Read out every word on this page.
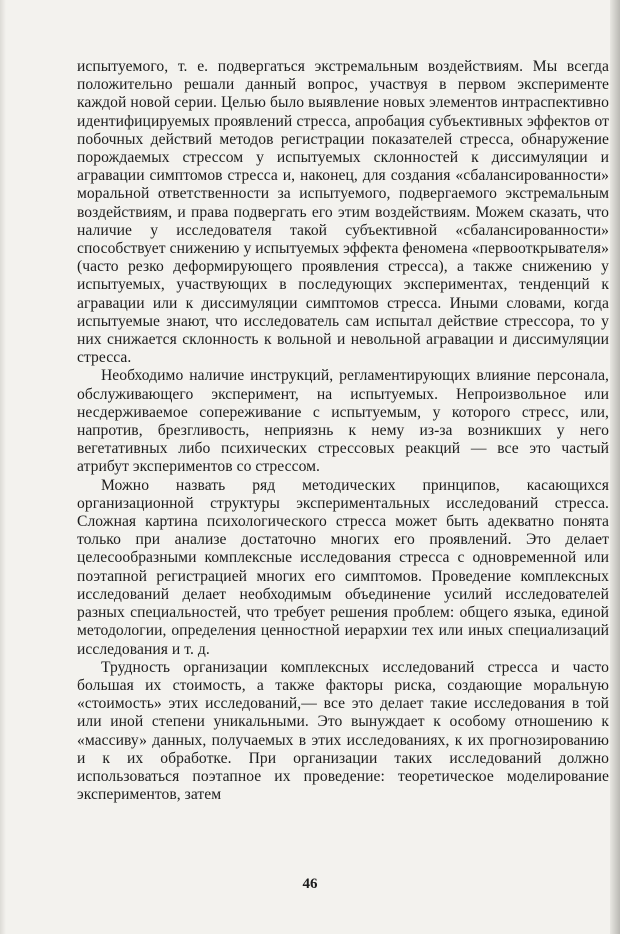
испытуемого, т. е. подвергаться экстремальным воздействиям. Мы всегда положительно решали данный вопрос, участвуя в первом эксперименте каждой новой серии. Целью было выявление новых элементов интраспективно идентифицируемых проявлений стресса, апробация субъективных эффектов от побочных действий методов регистрации показателей стресса, обнаружение порождаемых стрессом у испытуемых склонностей к диссимуляции и агравации симптомов стресса и, наконец, для создания «сбалансированности» моральной ответственности за испытуемого, подвергаемого экстремальным воздействиям, и права подвергать его этим воздействиям. Можем сказать, что наличие у исследователя такой субъективной «сбалансированности» способствует снижению у испытуемых эффекта феномена «первооткрывателя» (часто резко деформирующего проявления стресса), а также снижению у испытуемых, участвующих в последующих экспериментах, тенденций к агравации или к диссимуляции симптомов стресса. Иными словами, когда испытуемые знают, что исследователь сам испытал действие стрессора, то у них снижается склонность к вольной и невольной агравации и диссимуляции стресса.

Необходимо наличие инструкций, регламентирующих влияние персонала, обслуживающего эксперимент, на испытуемых. Непроизвольное или несдерживаемое сопереживание с испытуемым, у которого стресс, или, напротив, брезгливость, неприязнь к нему из-за возникших у него вегетативных либо психических стрессовых реакций — все это частый атрибут экспериментов со стрессом.

Можно назвать ряд методических принципов, касающихся организационной структуры экспериментальных исследований стресса. Сложная картина психологического стресса может быть адекватно понята только при анализе достаточно многих его проявлений. Это делает целесообразными комплексные исследования стресса с одновременной или поэтапной регистрацией многих его симптомов. Проведение комплексных исследований делает необходимым объединение усилий исследователей разных специальностей, что требует решения проблем: общего языка, единой методологии, определения ценностной иерархии тех или иных специализаций исследования и т. д.

Трудность организации комплексных исследований стресса и часто большая их стоимость, а также факторы риска, создающие моральную «стоимость» этих исследований,— все это делает такие исследования в той или иной степени уникальными. Это вынуждает к особому отношению к «массиву» данных, получаемых в этих исследованиях, к их прогнозированию и к их обработке. При организации таких исследований должно использоваться поэтапное их проведение: теоретическое моделирование экспериментов, затем

46
